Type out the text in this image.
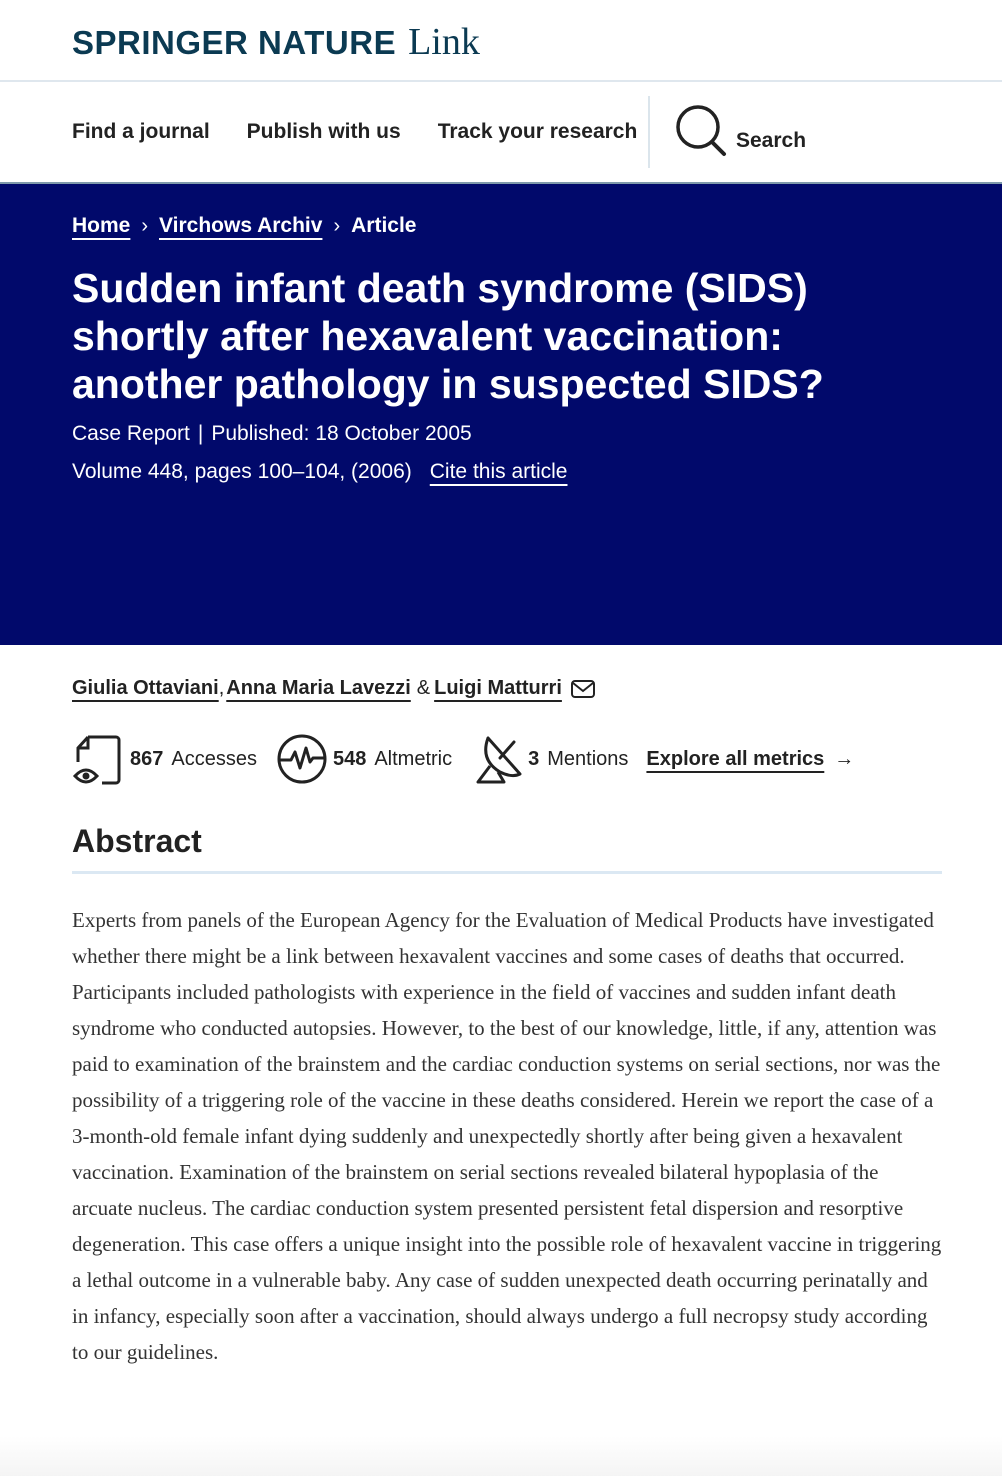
SPRINGER NATURE Link
Find a journal Publish with us Track your research	Search
Home › Virchows Archiv › Article
Sudden infant death syndrome (SIDS) shortly after hexavalent vaccination: another pathology in suspected SIDS?
Case Report | Published: 18 October 2005
Volume 448, pages 100–104, (2006) Cite this article
Giulia Ottaviani , Anna Maria Lavezzi & Luigi Matturri
867 Accesses	548 Altmetric	3 Mentions Explore all metrics →
Abstract

Experts from panels of the European Agency for the Evaluation of Medical Products have investigated whether there might be a link between hexavalent vaccines and some cases of deaths that occurred. Participants included pathologists with experience in the field of vaccines and sudden infant death syndrome who conducted autopsies. However, to the best of our knowledge, little, if any, attention was paid to examination of the brainstem and the cardiac conduction systems on serial sections, nor was the possibility of a triggering role of the vaccine in these deaths considered. Herein we report the case of a 3-month-old female infant dying suddenly and unexpectedly shortly after being given a hexavalent vaccination. Examination of the brainstem on serial sections revealed bilateral hypoplasia of the arcuate nucleus. The cardiac conduction system presented persistent fetal dispersion and resorptive degeneration. This case offers a unique insight into the possible role of hexavalent vaccine in triggering a lethal outcome in a vulnerable baby. Any case of sudden unexpected death occurring perinatally and in infancy, especially soon after a vaccination, should always undergo a full necropsy study according to our guidelines.
